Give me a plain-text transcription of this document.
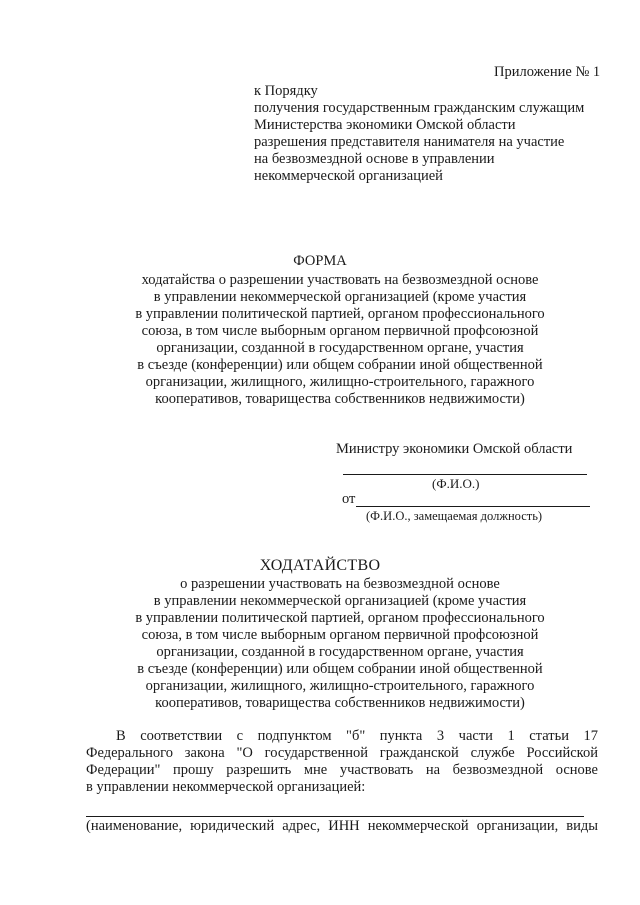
Приложение № 1
к Порядку
получения государственным гражданским служащим
Министерства экономики Омской области
разрешения представителя нанимателя на участие
на безвозмездной основе в управлении
некоммерческой организацией
ФОРМА
ходатайства о разрешении участвовать на безвозмездной основе
в управлении некоммерческой организацией (кроме участия
в управлении политической партией, органом профессионального
союза, в том числе выборным органом первичной профсоюзной
организации, созданной в государственном органе, участия
в съезде (конференции) или общем собрании иной общественной
организации, жилищного, жилищно-строительного, гаражного
кооперативов, товарищества собственников недвижимости)
Министру экономики Омской области
(Ф.И.О.)
от
(Ф.И.О., замещаемая должность)
ХОДАТАЙСТВО
о разрешении участвовать на безвозмездной основе
в управлении некоммерческой организацией (кроме участия
в управлении политической партией, органом профессионального
союза, в том числе выборным органом первичной профсоюзной
организации, созданной в государственном органе, участия
в съезде (конференции) или общем собрании иной общественной
организации, жилищного, жилищно-строительного, гаражного
кооперативов, товарищества собственников недвижимости)
В соответствии с подпунктом "б" пункта 3 части 1 статьи 17
Федерального закона "О государственной гражданской службе Российской
Федерации" прошу разрешить мне участвовать на безвозмездной основе
в управлении некоммерческой организацией:
(наименование, юридический адрес, ИНН некоммерческой организации, виды
